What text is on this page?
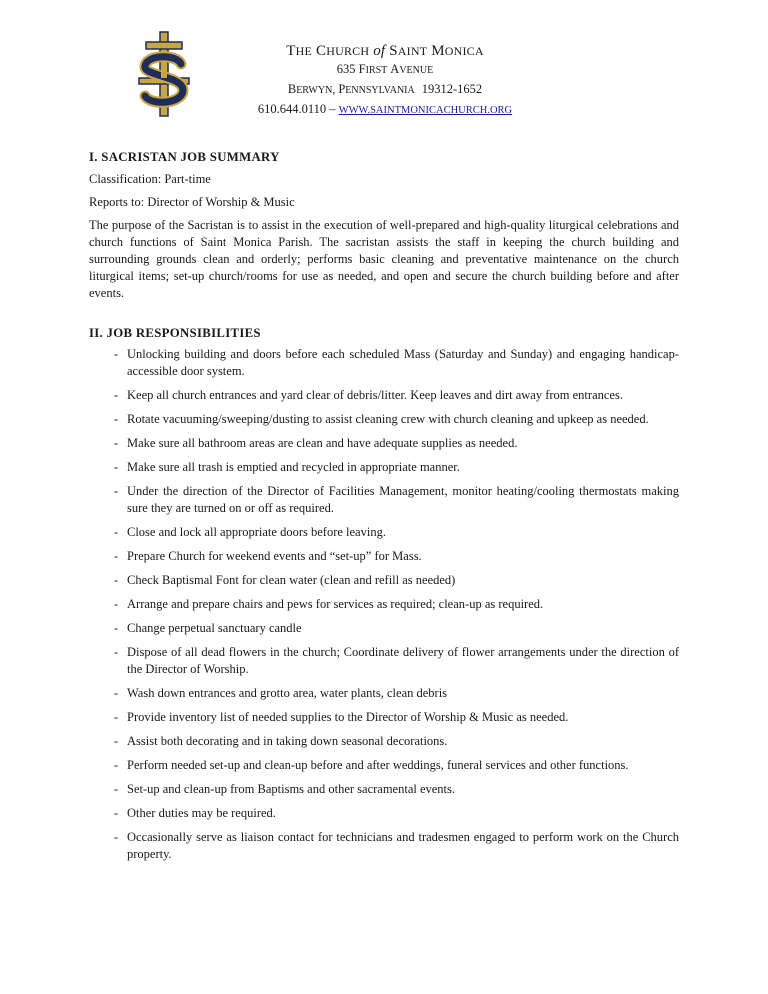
THE CHURCH of SAINT MONICA
635 FIRST AVENUE
BERWYN, PENNSYLVANIA 19312-1652
610.644.0110 – WWW.SAINTMONICACHURCH.ORG
I. SACRISTAN JOB SUMMARY
Classification: Part-time
Reports to: Director of Worship & Music
The purpose of the Sacristan is to assist in the execution of well-prepared and high-quality liturgical celebrations and church functions of Saint Monica Parish. The sacristan assists the staff in keeping the church building and surrounding grounds clean and orderly; performs basic cleaning and preventative maintenance on the church liturgical items; set-up church/rooms for use as needed, and open and secure the church building before and after events.
II. JOB RESPONSIBILITIES
- Unlocking building and doors before each scheduled Mass (Saturday and Sunday) and engaging handicap-accessible door system.
- Keep all church entrances and yard clear of debris/litter. Keep leaves and dirt away from entrances.
- Rotate vacuuming/sweeping/dusting to assist cleaning crew with church cleaning and upkeep as needed.
- Make sure all bathroom areas are clean and have adequate supplies as needed.
- Make sure all trash is emptied and recycled in appropriate manner.
- Under the direction of the Director of Facilities Management, monitor heating/cooling thermostats making sure they are turned on or off as required.
- Close and lock all appropriate doors before leaving.
- Prepare Church for weekend events and “set-up” for Mass.
- Check Baptismal Font for clean water (clean and refill as needed)
- Arrange and prepare chairs and pews for services as required; clean-up as required.
- Change perpetual sanctuary candle
- Dispose of all dead flowers in the church; Coordinate delivery of flower arrangements under the direction of the Director of Worship.
- Wash down entrances and grotto area, water plants, clean debris
- Provide inventory list of needed supplies to the Director of Worship & Music as needed.
- Assist both decorating and in taking down seasonal decorations.
- Perform needed set-up and clean-up before and after weddings, funeral services and other functions.
- Set-up and clean-up from Baptisms and other sacramental events.
- Other duties may be required.
- Occasionally serve as liaison contact for technicians and tradesmen engaged to perform work on the Church property.
